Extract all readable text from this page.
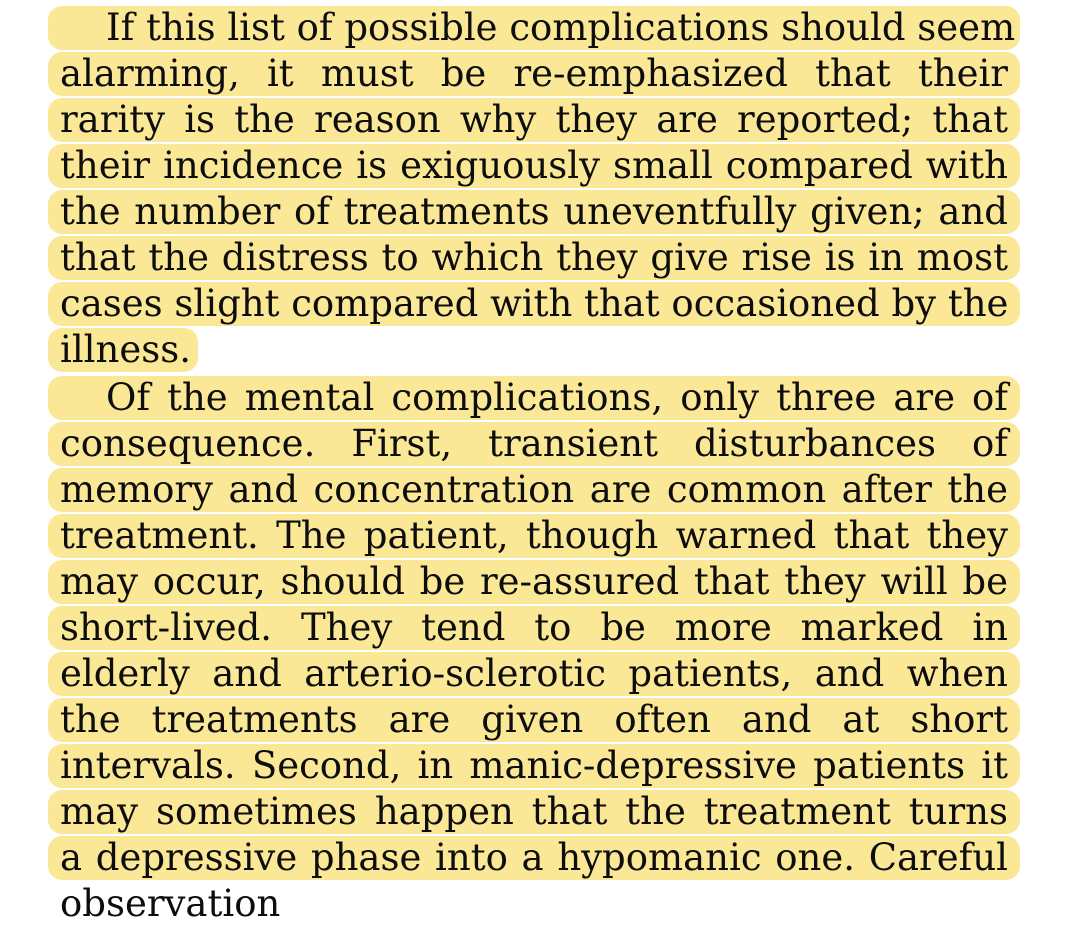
If this list of possible complications should seem
alarming, it must be re-emphasized that their
rarity is the reason why they are reported; that
their incidence is exiguously small compared with
the number of treatments uneventfully given; and
that the distress to which they give rise is in most
cases slight compared with that occasioned by the
illness.
Of the mental complications, only three are of
consequence. First, transient disturbances of
memory and concentration are common after the
treatment. The patient, though warned that they
may occur, should be re-assured that they will be
short-lived. They tend to be more marked in
elderly and arterio-sclerotic patients, and when
the treatments are given often and at short
intervals. Second, in manic-depressive patients it
may sometimes happen that the treatment turns
a depressive phase into a hypomanic one. Careful
observation
